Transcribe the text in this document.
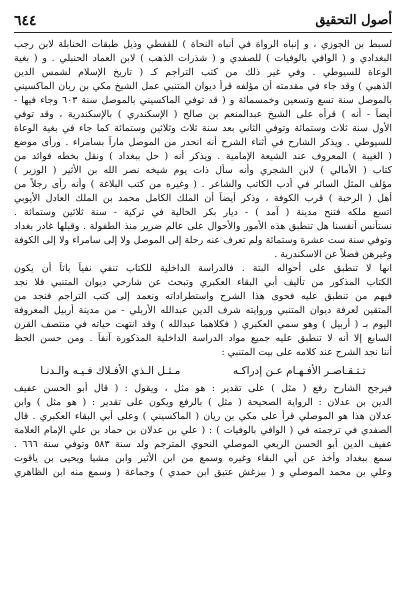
٦٤٤	أصول التحقيق
لسبط بن الجوزي ، و إنباه الرواة في أنباه النحاة ) للقفطي وذيل طبقات الحنابلة لابن رجب
البغدادي و ( الوافي بالوفيات ) للصفدي و ( شذرات الذهب ) لابن العماد الحنبلي . و ( بغية
الوعاة للسيوطي . وفي غير ذلك من كتب التراجم كـ ( تاريخ الإسلام لشمس الدين
الذهبي ) وقد جاء في مقدمته أن مؤلفه قرأ ديوان المتنبي عمل الشيخ مكي بن ريان الماكسيني
بالموصل سنة تسع وتسعين وخمسمائة و ( قد توفي الماكسيني بالموصل سنة ٦٠٣ وجاء فيها -
أيضاً - أنه ) قرأه على الشيخ عبدالمنعم بن صالح ( الإسكندري ) بالإسكندرية ، وقد توفي
الأول سنة ثلاث وستمائة وتوفي الثاني بعد سنة ثلاث وثلاثين وستمائة كما جاء في بغية الوعاة
للسيوطي . ويذكر الشارح في أثناء الشرح أنه انحدر من الموصل ماراً بسامراء . ورأى موضع
( الغيبة ) المعروف عند الشيعة الإمامية . ويذكر أنه ( حل ببغداد ) ونقل بخطه فوائد من
كتاب ( الأمالي ) لابن الشجري وأنه سأل ذات يوم شيخه نصر الله بن الأثير ( الوزير )
مؤلف المثل السائر في أدب الكاتب والشاعر . ( وغيره من كتب البلاغة ) وأنه رأى رجلاً من
أهل ( الرحبة ) قرب الكوفة ، وذكر أيضاً أن الملك الكامل محمد بن الملك العادل الأيوبي
اتسع ملكه فتنح مدينة ( آمد ) - ديار بكر الحالية في تركية - سنة ثلاثين وستمائة .
نستأنس أنفسنا هل تنطبق هذه الأمور والأحوال على عالم ضرير منذ الطفولة . وقبلها غادر بغداد
وتوفي سنة ست عشرة وستمائة ولم تعرف عنه رحلة إلى الموصل ولا إلى سامراء ولا إلى الكوفة
وغيرهن فضلاً عن الاسكندرية .
انها لا تنطبق على أحواله البتة . فالدراسة الداخلية للكتاب تنفي نفياً باتاً أن يكون
الكتاب المذكور من تأليف أبي البقاء العكبري وتبحث عن شارحي ديوان المتنبي فلا نجد
فيهم من تنطبق عليه فحوى هذا الشرح واستطراداته ونعمد إلى كتب التراجم فنجد من
المتقين لعرفة ديوان المتنبي وروايته شرف الدين عبدالله الأربلي - من مدينة أربيل المعروفة
اليوم بـ ( أربيل ) وهو سمي العكبري ( فكلاهما عبدالله ) وقد انتهت حياته في منتصف القرن
السابع إلا أنه لا تنطبق عليه جميع مواد الدراسة الداخلية المذكورة آنفاً . ومن حسن الحظ
أننا نجد الشرح عند كلامه على بيت المتنبي :
تـتـقـاصـر الأفـهـام عـن إدراكـه
مـثـل الـذي الأفـلاك فـيـه والـدنـا
فيرجح الشارح رفع ( مثل ) على تقدير : هو مثل ، ويقول : ( قال أبو الحسن عفيف
الدين بن عدلان : الرواية الصحيحة ( مثل ) بالرفع ويكون على تقدير : ( هو مثل ) وابن
عدلان هذا هو الموصلي قرأ على مكي بن ريان ( الماكسيني ) وعلى أبي البقاء العكبري . قال
الصفدي في ترجمته في ( الوافي بالوفيات ) : ( علي بن عدلان بن حماد بن علي الإمام العلامة
عفيف الدين أبو الحسن الربعي الموصلي النحوي المترجم ولد سنة ٥٨٣ وتوفي سنة ٦٦٦ .
سمع ببغداد وأخذ عن أبي البقاء وغيره وسمع من ابن الأثير وابن مشيا ويحيى بن ياقوت
وعلي بن محمد الموصلي و ( ببزغش عتيق ابن حمدي ) وجماعة ( وسمع منه ابن الظاهري
